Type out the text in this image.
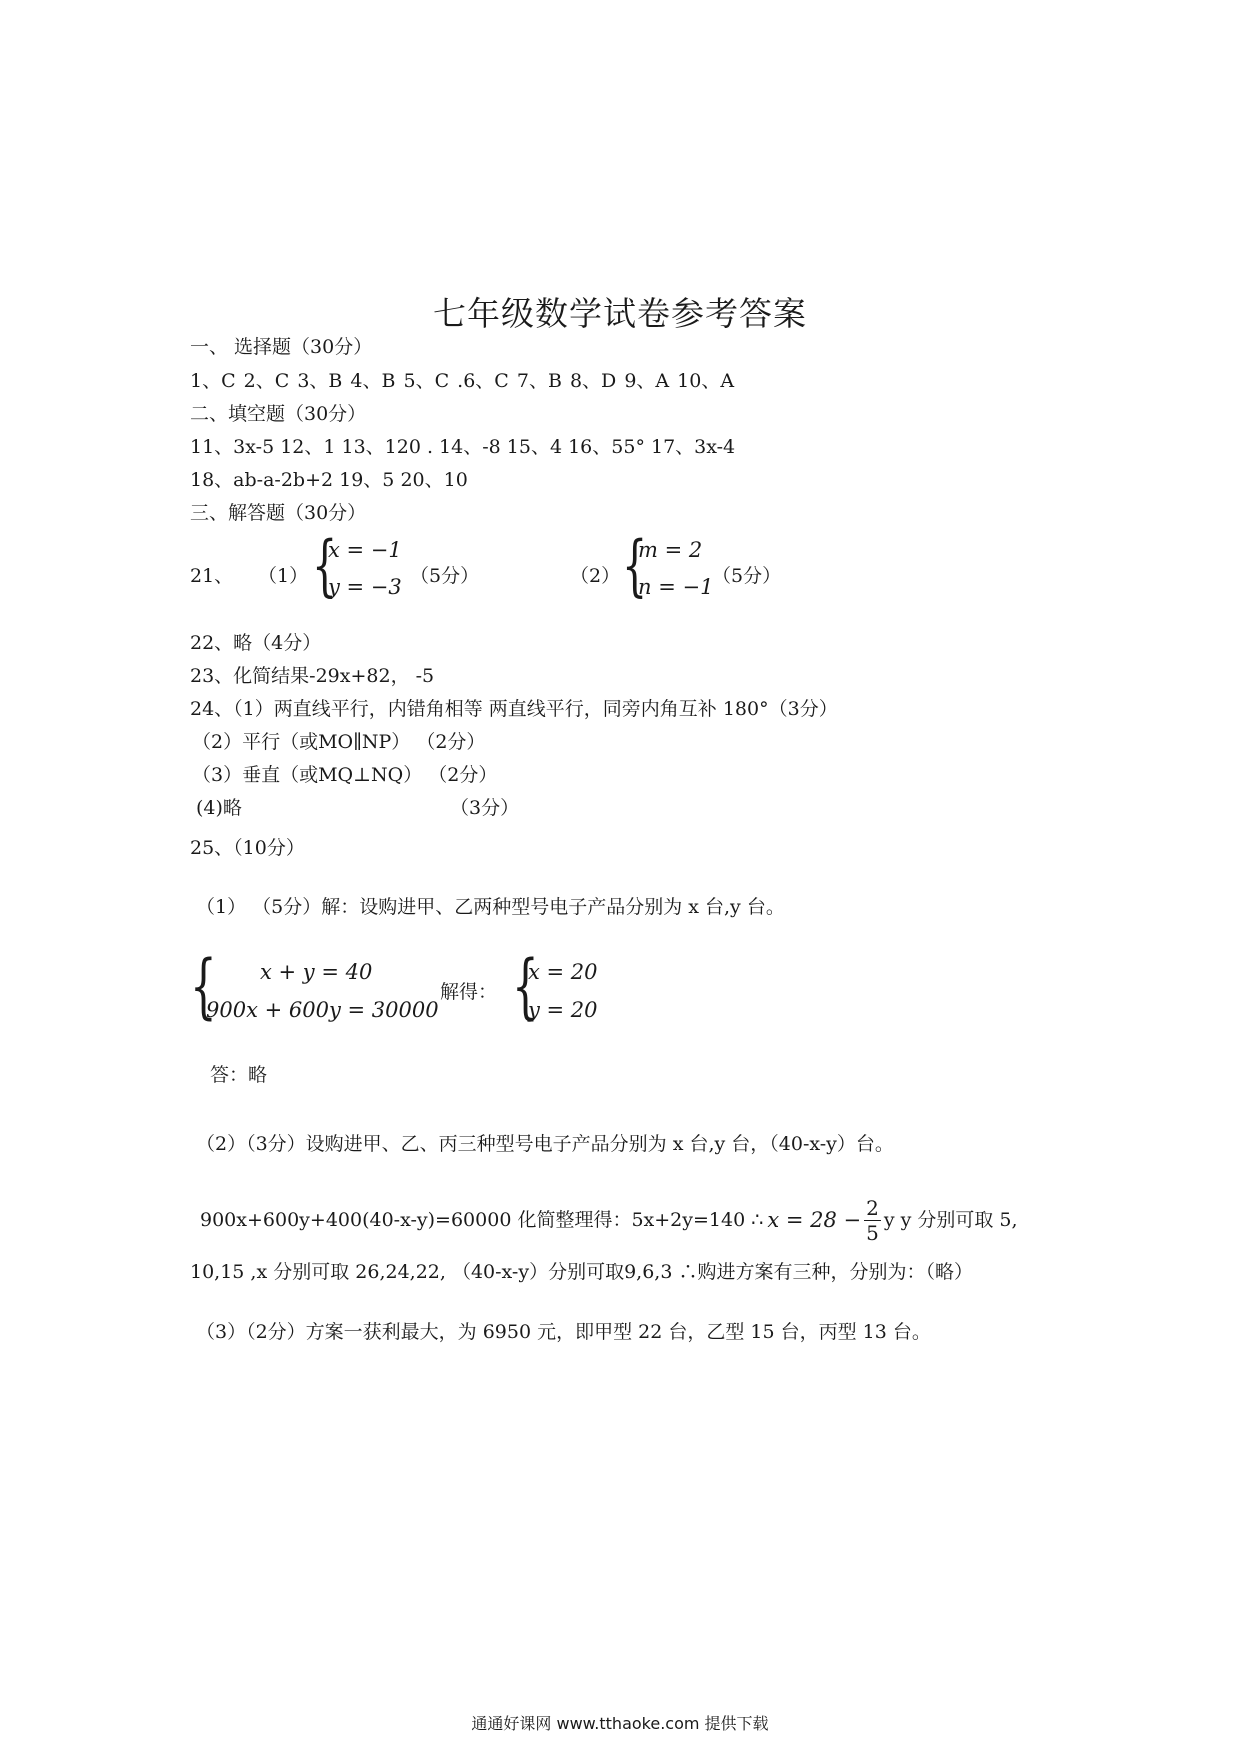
七年级数学试卷参考答案
一、 选择题（30分）
1、C 2、C 3、B 4、B 5、C .6、C 7、B 8、D 9、A 10、A
二、填空题（30分）
11、3x-5 12、1 13、120 . 14、-8 15、4 16、55° 17、3x-4
18、ab-a-2b+2 19、5 20、10
三、解答题（30分）
21、 （1） {
x = −1
y = −3 （5分）	（2） {
m = 2
n = −1
（5分）
22、略（4分）
23、化简结果-29x+82， -5
24、（1）两直线平行，内错角相等 两直线平行，同旁内角互补 180°（3分）
（2）平行（或MO∥NP） （2分）
（3）垂直（或MQ⊥NQ） （2分）
(4)略	（3分）
25、（10分）
（1） （5分）解：设购进甲、乙两种型号电子产品分别为 x 台,y 台。
{ x + y = 40
900x + 600y = 30000
解得： {
x = 20
y = 20
答：略
（2）（3分）设购进甲、乙、丙三种型号电子产品分别为 x 台,y 台，（40-x-y）台。
900x+600y+400(40-x-y)=60000 化简整理得：5x+2y=140 ∴ $x = 28 - \frac{2}{5}$ y y 分别可取 5,
10,15 ,x 分别可取 26,24,22, （40-x-y）分别可取9,6,3 ∴购进方案有三种，分别为：（略）
（3）（2分）方案一获利最大，为 6950 元，即甲型 22 台，乙型 15 台，丙型 13 台。
通通好课网 www.tthaoke.com 提供下载
